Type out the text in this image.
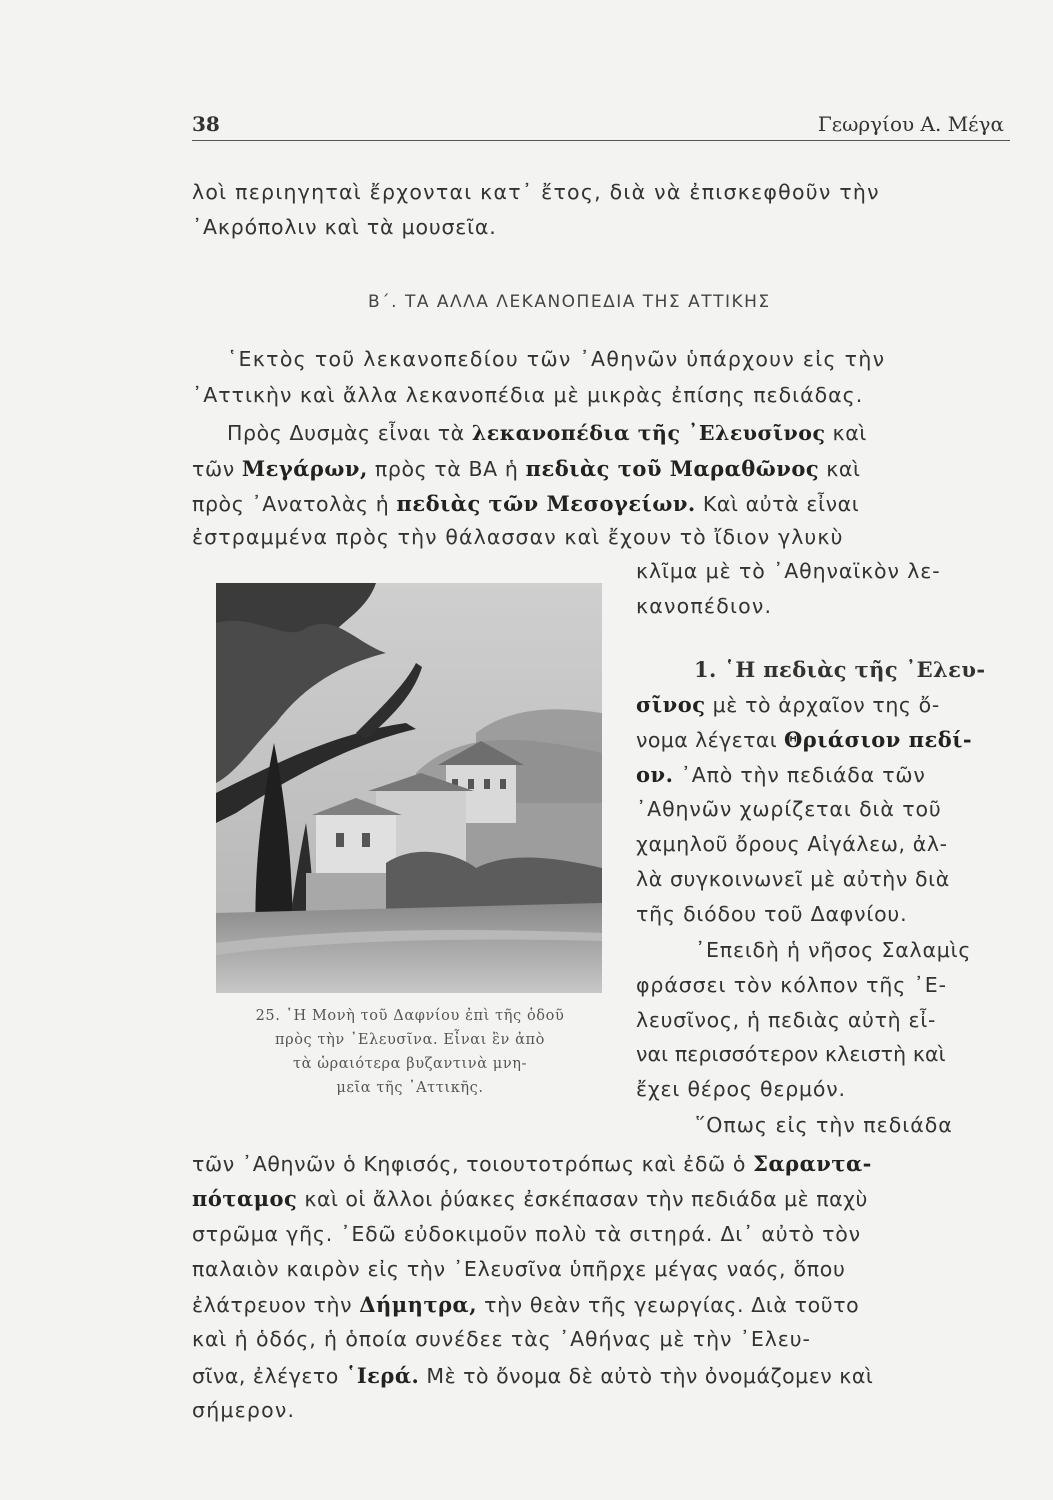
38	Γεωργίου Α. Μέγα
λοὶ περιηγηταὶ ἔρχονται κατ᾿ ἔτος, διὰ νὰ ἐπισκεφθοῦν τὴν
᾿Ακρόπολιν καὶ τὰ μουσεῖα.
Β΄. ΤΑ ΑΛΛΑ ΛΕΚΑΝΟΠΕΔΙΑ ΤΗΣ ΑΤΤΙΚΗΣ
῾Εκτὸς τοῦ λεκανοπεδίου τῶν ᾿Αθηνῶν ὑπάρχουν εἰς τὴν
᾿Αττικὴν καὶ ἄλλα λεκανοπέδια μὲ μικρὰς ἐπίσης πεδιάδας.
Πρὸς Δυσμὰς εἶναι τὰ λεκανοπέδια τῆς ᾿Ελευσῖνος καὶ
τῶν Μεγάρων, πρὸς τὰ ΒΑ ἡ πεδιὰς τοῦ Μαραθῶνος καὶ
πρὸς ᾿Ανατολὰς ἡ πεδιὰς τῶν Μεσογείων. Καὶ αὐτὰ εἶναι
ἐστραμμένα πρὸς τὴν θάλασσαν καὶ ἔχουν τὸ ἴδιον γλυκὺ
κλῖμα μὲ τὸ ᾿Αθηναϊκὸν λε-
κανοπέδιον.
25. ῾Η Μονὴ τοῦ Δαφνίου ἐπὶ τῆς ὁδοῦ
πρὸς τὴν ᾿Ελευσῖνα. Εἶναι ἓν ἀπὸ
τὰ ὡραιότερα βυζαντινὰ μνη-
μεῖα τῆς ᾿Αττικῆς.
1. ῾Η πεδιὰς τῆς ᾿Ελευ-
σῖνος μὲ τὸ ἀρχαῖον της ὄ-
νομα λέγεται Θριάσιον πεδί-
ον. ᾿Απὸ τὴν πεδιάδα τῶν
᾿Αθηνῶν χωρίζεται διὰ τοῦ
χαμηλοῦ ὄρους Αἰγάλεω, ἀλ-
λὰ συγκοινωνεῖ μὲ αὐτὴν διὰ
τῆς διόδου τοῦ Δαφνίου.
᾿Επειδὴ ἡ νῆσος Σαλαμὶς
φράσσει τὸν κόλπον τῆς ᾿Ε-
λευσῖνος, ἡ πεδιὰς αὐτὴ εἶ-
ναι περισσότερον κλειστὴ καὶ
ἔχει θέρος θερμόν.
῞Οπως εἰς τὴν πεδιάδα
τῶν ᾿Αθηνῶν ὁ Κηφισός, τοιουτοτρόπως καὶ ἐδῶ ὁ Σαραντα-
πόταμος καὶ οἱ ἄλλοι ῥύακες ἐσκέπασαν τὴν πεδιάδα μὲ παχὺ
στρῶμα γῆς. ᾿Εδῶ εὐδοκιμοῦν πολὺ τὰ σιτηρά. Δι᾿ αὐτὸ τὸν
παλαιὸν καιρὸν εἰς τὴν ᾿Ελευσῖνα ὑπῆρχε μέγας ναός, ὅπου
ἐλάτρευον τὴν Δήμητρα, τὴν θεὰν τῆς γεωργίας. Διὰ τοῦτο
καὶ ἡ ὁδός, ἡ ὁποία συνέδεε τὰς ᾿Αθήνας μὲ τὴν ᾿Ελευ-
σῖνα, ἐλέγετο ῾Ιερά. Μὲ τὸ ὄνομα δὲ αὐτὸ τὴν ὀνομάζομεν καὶ
σήμερον.
